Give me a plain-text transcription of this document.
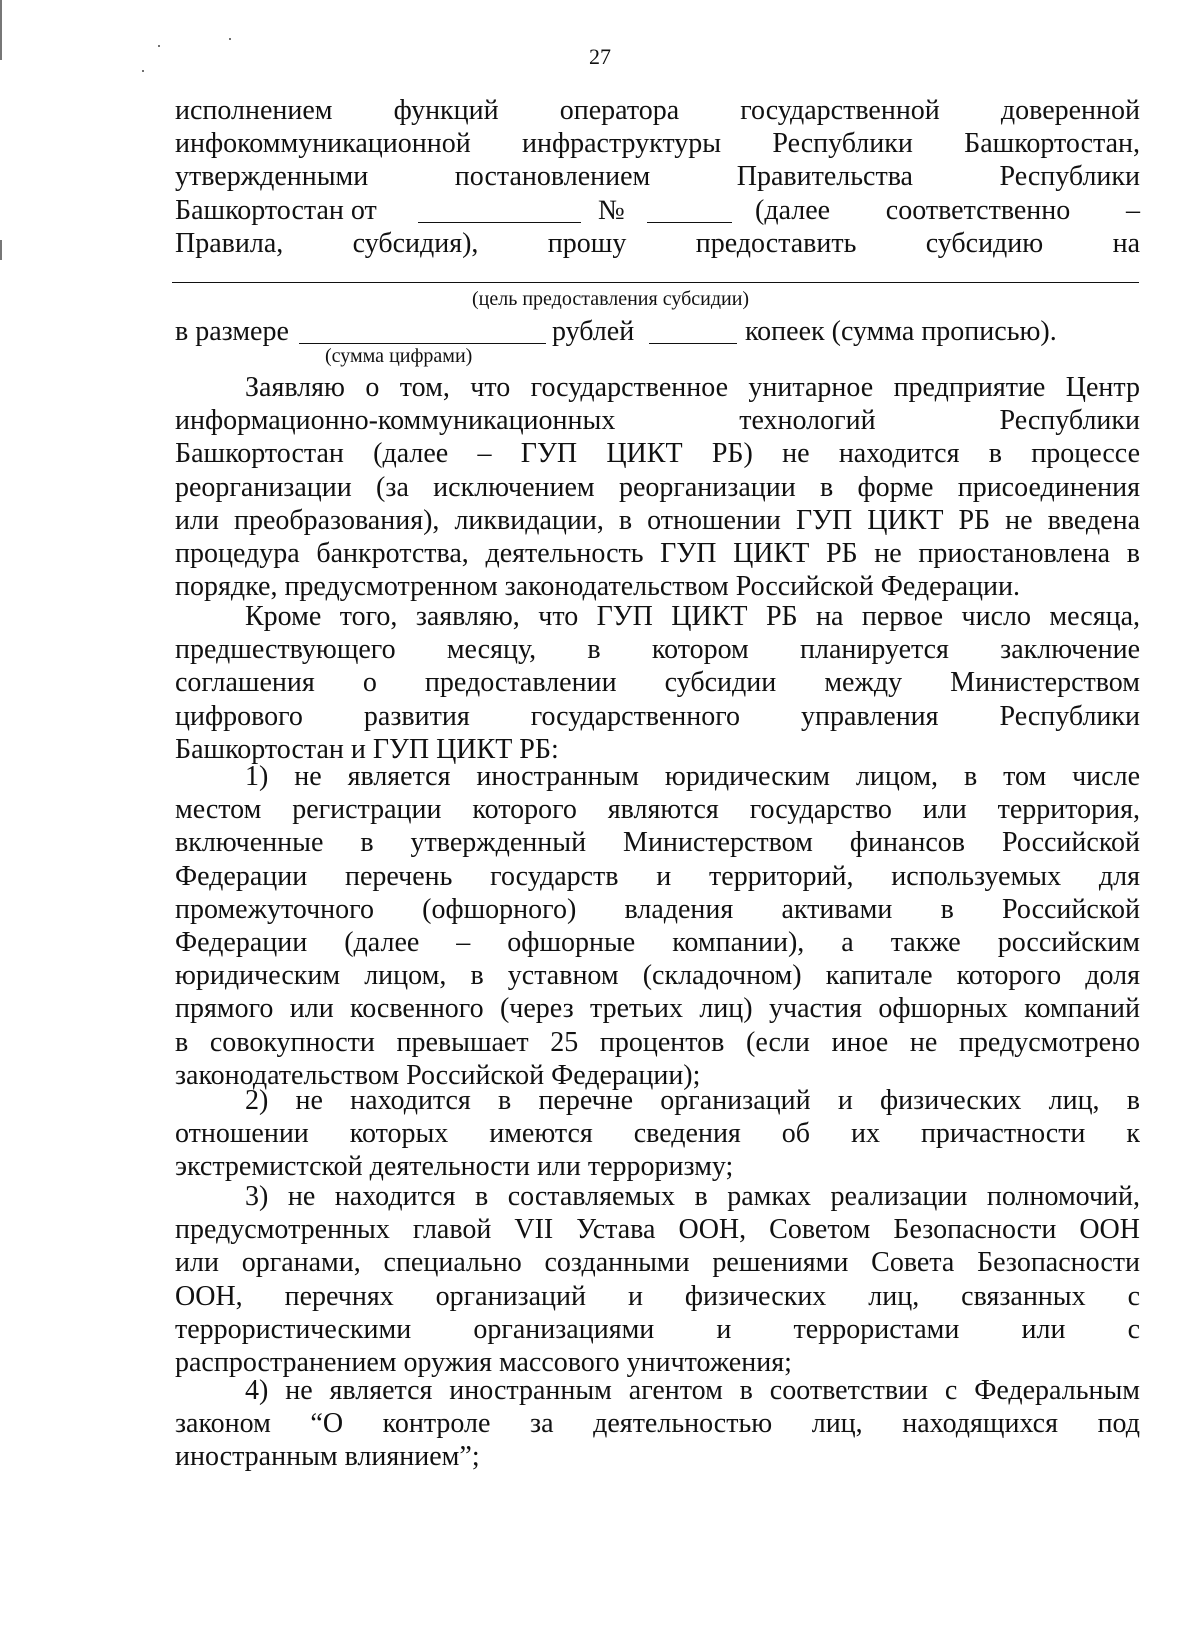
27
исполнением функций оператора государственной доверенной
инфокоммуникационной инфраструктуры Республики Башкортостан,
утвержденными постановлением Правительства Республики
Башкортостан от	№	(далее соответственно –
Правила, субсидия), прошу предоставить субсидию на
(цель предоставления субсидии)
в размере	рублей	копеек (сумма прописью).
(сумма цифрами)
Заявляю о том, что государственное унитарное предприятие Центр
информационно-коммуникационных технологий Республики
Башкортостан (далее – ГУП ЦИКТ РБ) не находится в процессе
реорганизации (за исключением реорганизации в форме присоединения
или преобразования), ликвидации, в отношении ГУП ЦИКТ РБ не введена
процедура банкротства, деятельность ГУП ЦИКТ РБ не приостановлена в
порядке, предусмотренном законодательством Российской Федерации.
Кроме того, заявляю, что ГУП ЦИКТ РБ на первое число месяца,
предшествующего месяцу, в котором планируется заключение
соглашения о предоставлении субсидии между Министерством
цифрового развития государственного управления Республики
Башкортостан и ГУП ЦИКТ РБ:
1) не является иностранным юридическим лицом, в том числе
местом регистрации которого являются государство или территория,
включенные в утвержденный Министерством финансов Российской
Федерации перечень государств и территорий, используемых для
промежуточного (офшорного) владения активами в Российской
Федерации (далее – офшорные компании), а также российским
юридическим лицом, в уставном (складочном) капитале которого доля
прямого или косвенного (через третьих лиц) участия офшорных компаний
в совокупности превышает 25 процентов (если иное не предусмотрено
законодательством Российской Федерации);
2) не находится в перечне организаций и физических лиц, в
отношении которых имеются сведения об их причастности к
экстремистской деятельности или терроризму;
3) не находится в составляемых в рамках реализации полномочий,
предусмотренных главой VII Устава ООН, Советом Безопасности ООН
или органами, специально созданными решениями Совета Безопасности
ООН, перечнях организаций и физических лиц, связанных с
террористическими организациями и террористами или с
распространением оружия массового уничтожения;
4) не является иностранным агентом в соответствии с Федеральным
законом “О контроле за деятельностью лиц, находящихся под
иностранным влиянием”;
